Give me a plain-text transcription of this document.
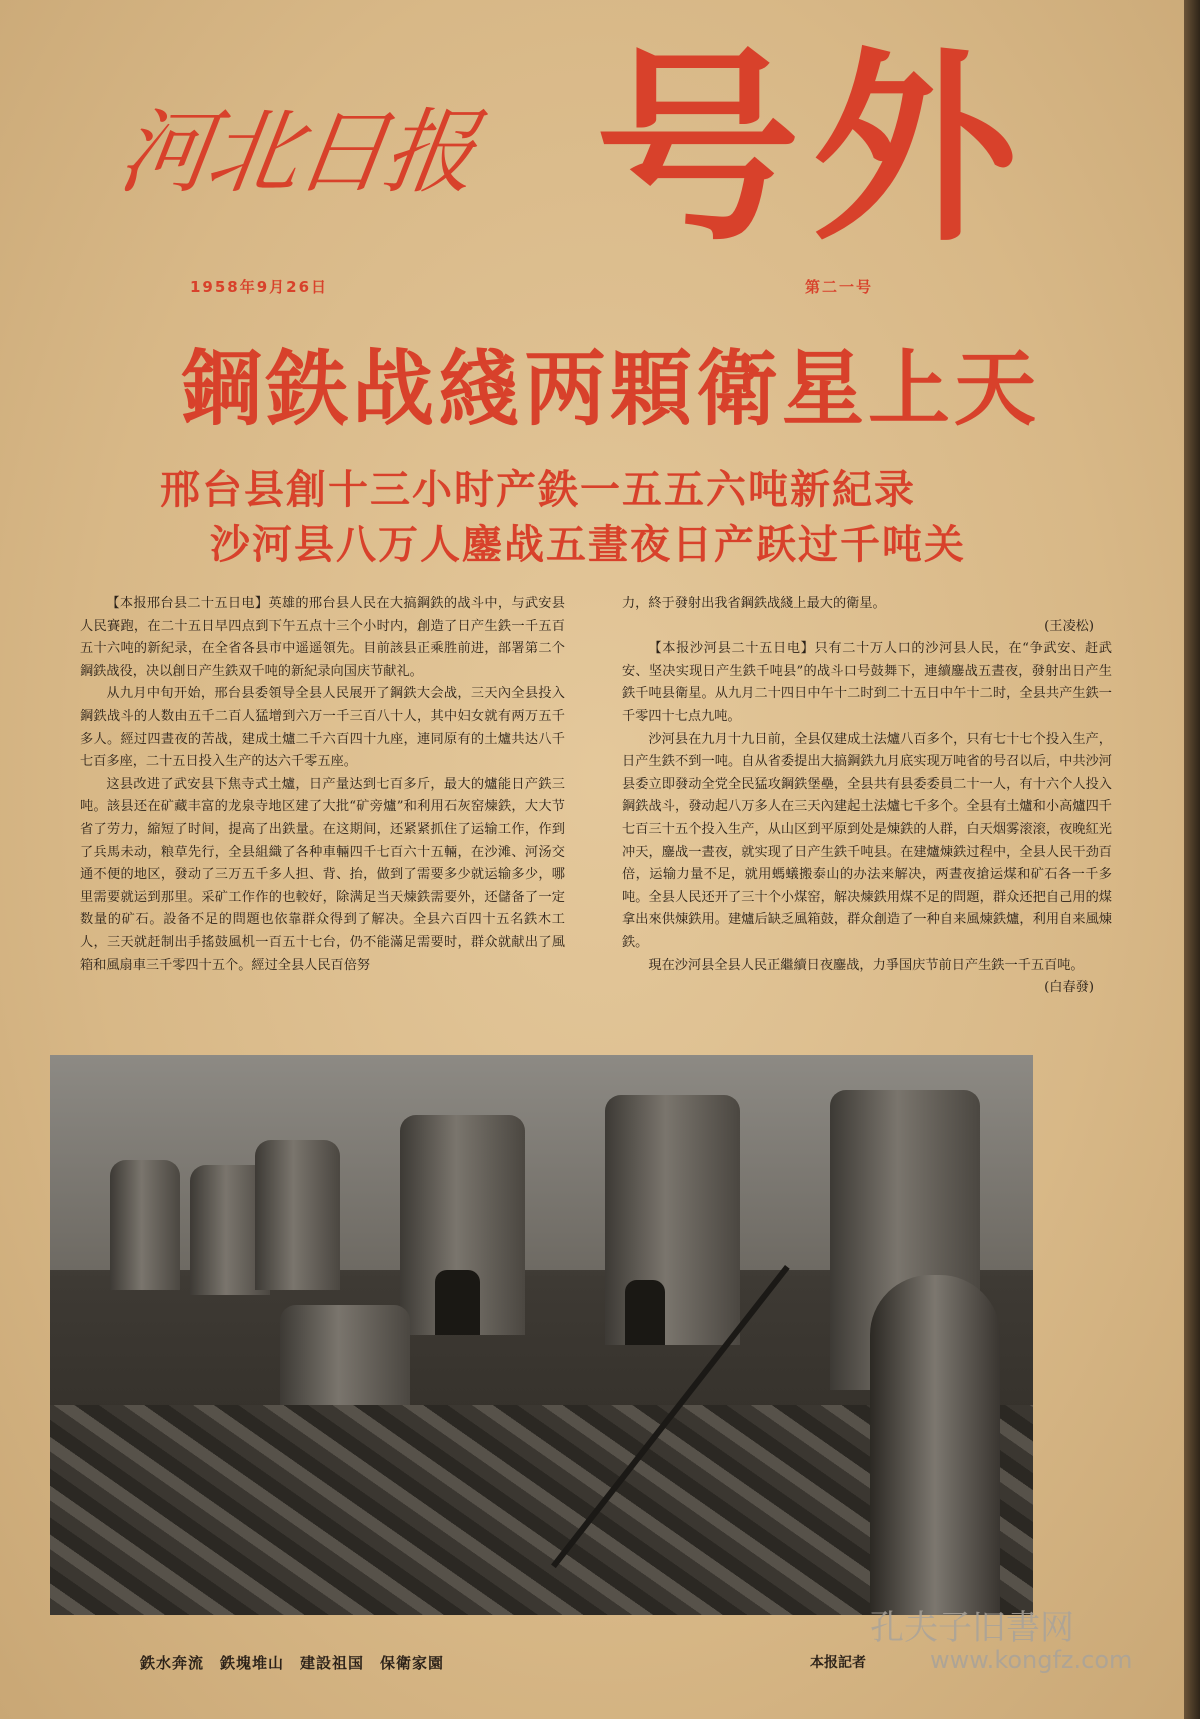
河北日报 号外
1958年9月26日	第二一号
鋼鉄战綫两顆衛星上天
邢台县創十三小时产鉄一五五六吨新紀录
沙河县八万人鏖战五晝夜日产跃过千吨关

【本报邢台县二十五日电】英雄的邢台县人民在大搞鋼鉄的战斗中，与武安县人民賽跑，在二十五日早四点到下午五点十三个小时内，創造了日产生鉄一千五百五十六吨的新紀录，在全省各县市中遥遥領先。目前該县正乘胜前进，部署第二个鋼鉄战役，决以創日产生鉄双千吨的新紀录向国庆节献礼。

从九月中旬开始，邢台县委領导全县人民展开了鋼鉄大会战，三天內全县投入鋼鉄战斗的人数由五千二百人猛增到六万一千三百八十人，其中妇女就有两万五千多人。經过四晝夜的苦战，建成土爐二千六百四十九座，連同原有的土爐共达八千七百多座，二十五日投入生产的达六千零五座。

这县改进了武安县下焦寺式土爐，日产量达到七百多斤，最大的爐能日产鉄三吨。該县还在矿藏丰富的龙泉寺地区建了大批“矿旁爐”和利用石灰窑煉鉄，大大节省了劳力，縮短了时间，提高了出鉄量。在这期间，还紧紧抓住了运输工作，作到了兵馬未动，粮草先行，全县組織了各种車輛四千七百六十五輛，在沙滩、河汤交通不便的地区，發动了三万五千多人担、背、抬，做到了需要多少就运输多少，哪里需要就运到那里。采矿工作作的也較好，除满足当天煉鉄需要外，还儲备了一定数量的矿石。設备不足的問題也依靠群众得到了解决。全县六百四十五名鉄木工人，三天就赶制出手搖鼓風机一百五十七台，仍不能滿足需要时，群众就献出了風箱和風扇車三千零四十五个。經过全县人民百倍努

力，終于發射出我省鋼鉄战綫上最大的衛星。

(王凌松)

【本报沙河县二十五日电】只有二十万人口的沙河县人民，在“争武安、赶武安、坚决实现日产生鉄千吨县”的战斗口号鼓舞下，連續鏖战五晝夜，發射出日产生鉄千吨县衛星。从九月二十四日中午十二时到二十五日中午十二时，全县共产生鉄一千零四十七点九吨。

沙河县在九月十九日前，全县仅建成土法爐八百多个，只有七十七个投入生产，日产生鉄不到一吨。自从省委提出大搞鋼鉄九月底实现万吨省的号召以后，中共沙河县委立即發动全党全民猛攻鋼鉄堡壘，全县共有县委委員二十一人，有十六个人投入鋼鉄战斗，發动起八万多人在三天內建起土法爐七千多个。全县有土爐和小高爐四千七百三十五个投入生产，从山区到平原到处是煉鉄的人群，白天烟雾滚滚，夜晚紅光冲天，鏖战一晝夜，就实现了日产生鉄千吨县。在建爐煉鉄过程中，全县人民干劲百倍，运输力量不足，就用螞蟻搬泰山的办法来解决，两晝夜搶运煤和矿石各一千多吨。全县人民还开了三十个小煤窑，解决煉鉄用煤不足的問題，群众还把自己用的煤拿出來供煉鉄用。建爐后缺乏風箱鼓，群众創造了一种自来風煉鉄爐，利用自来風煉鉄。

現在沙河县全县人民正繼續日夜鏖战，力爭国庆节前日产生鉄一千五百吨。

(白春發)

鉄水奔流　鉄塊堆山　建設祖国　保衛家園	本报記者
孔夫子旧書网
www.kongfz.com
